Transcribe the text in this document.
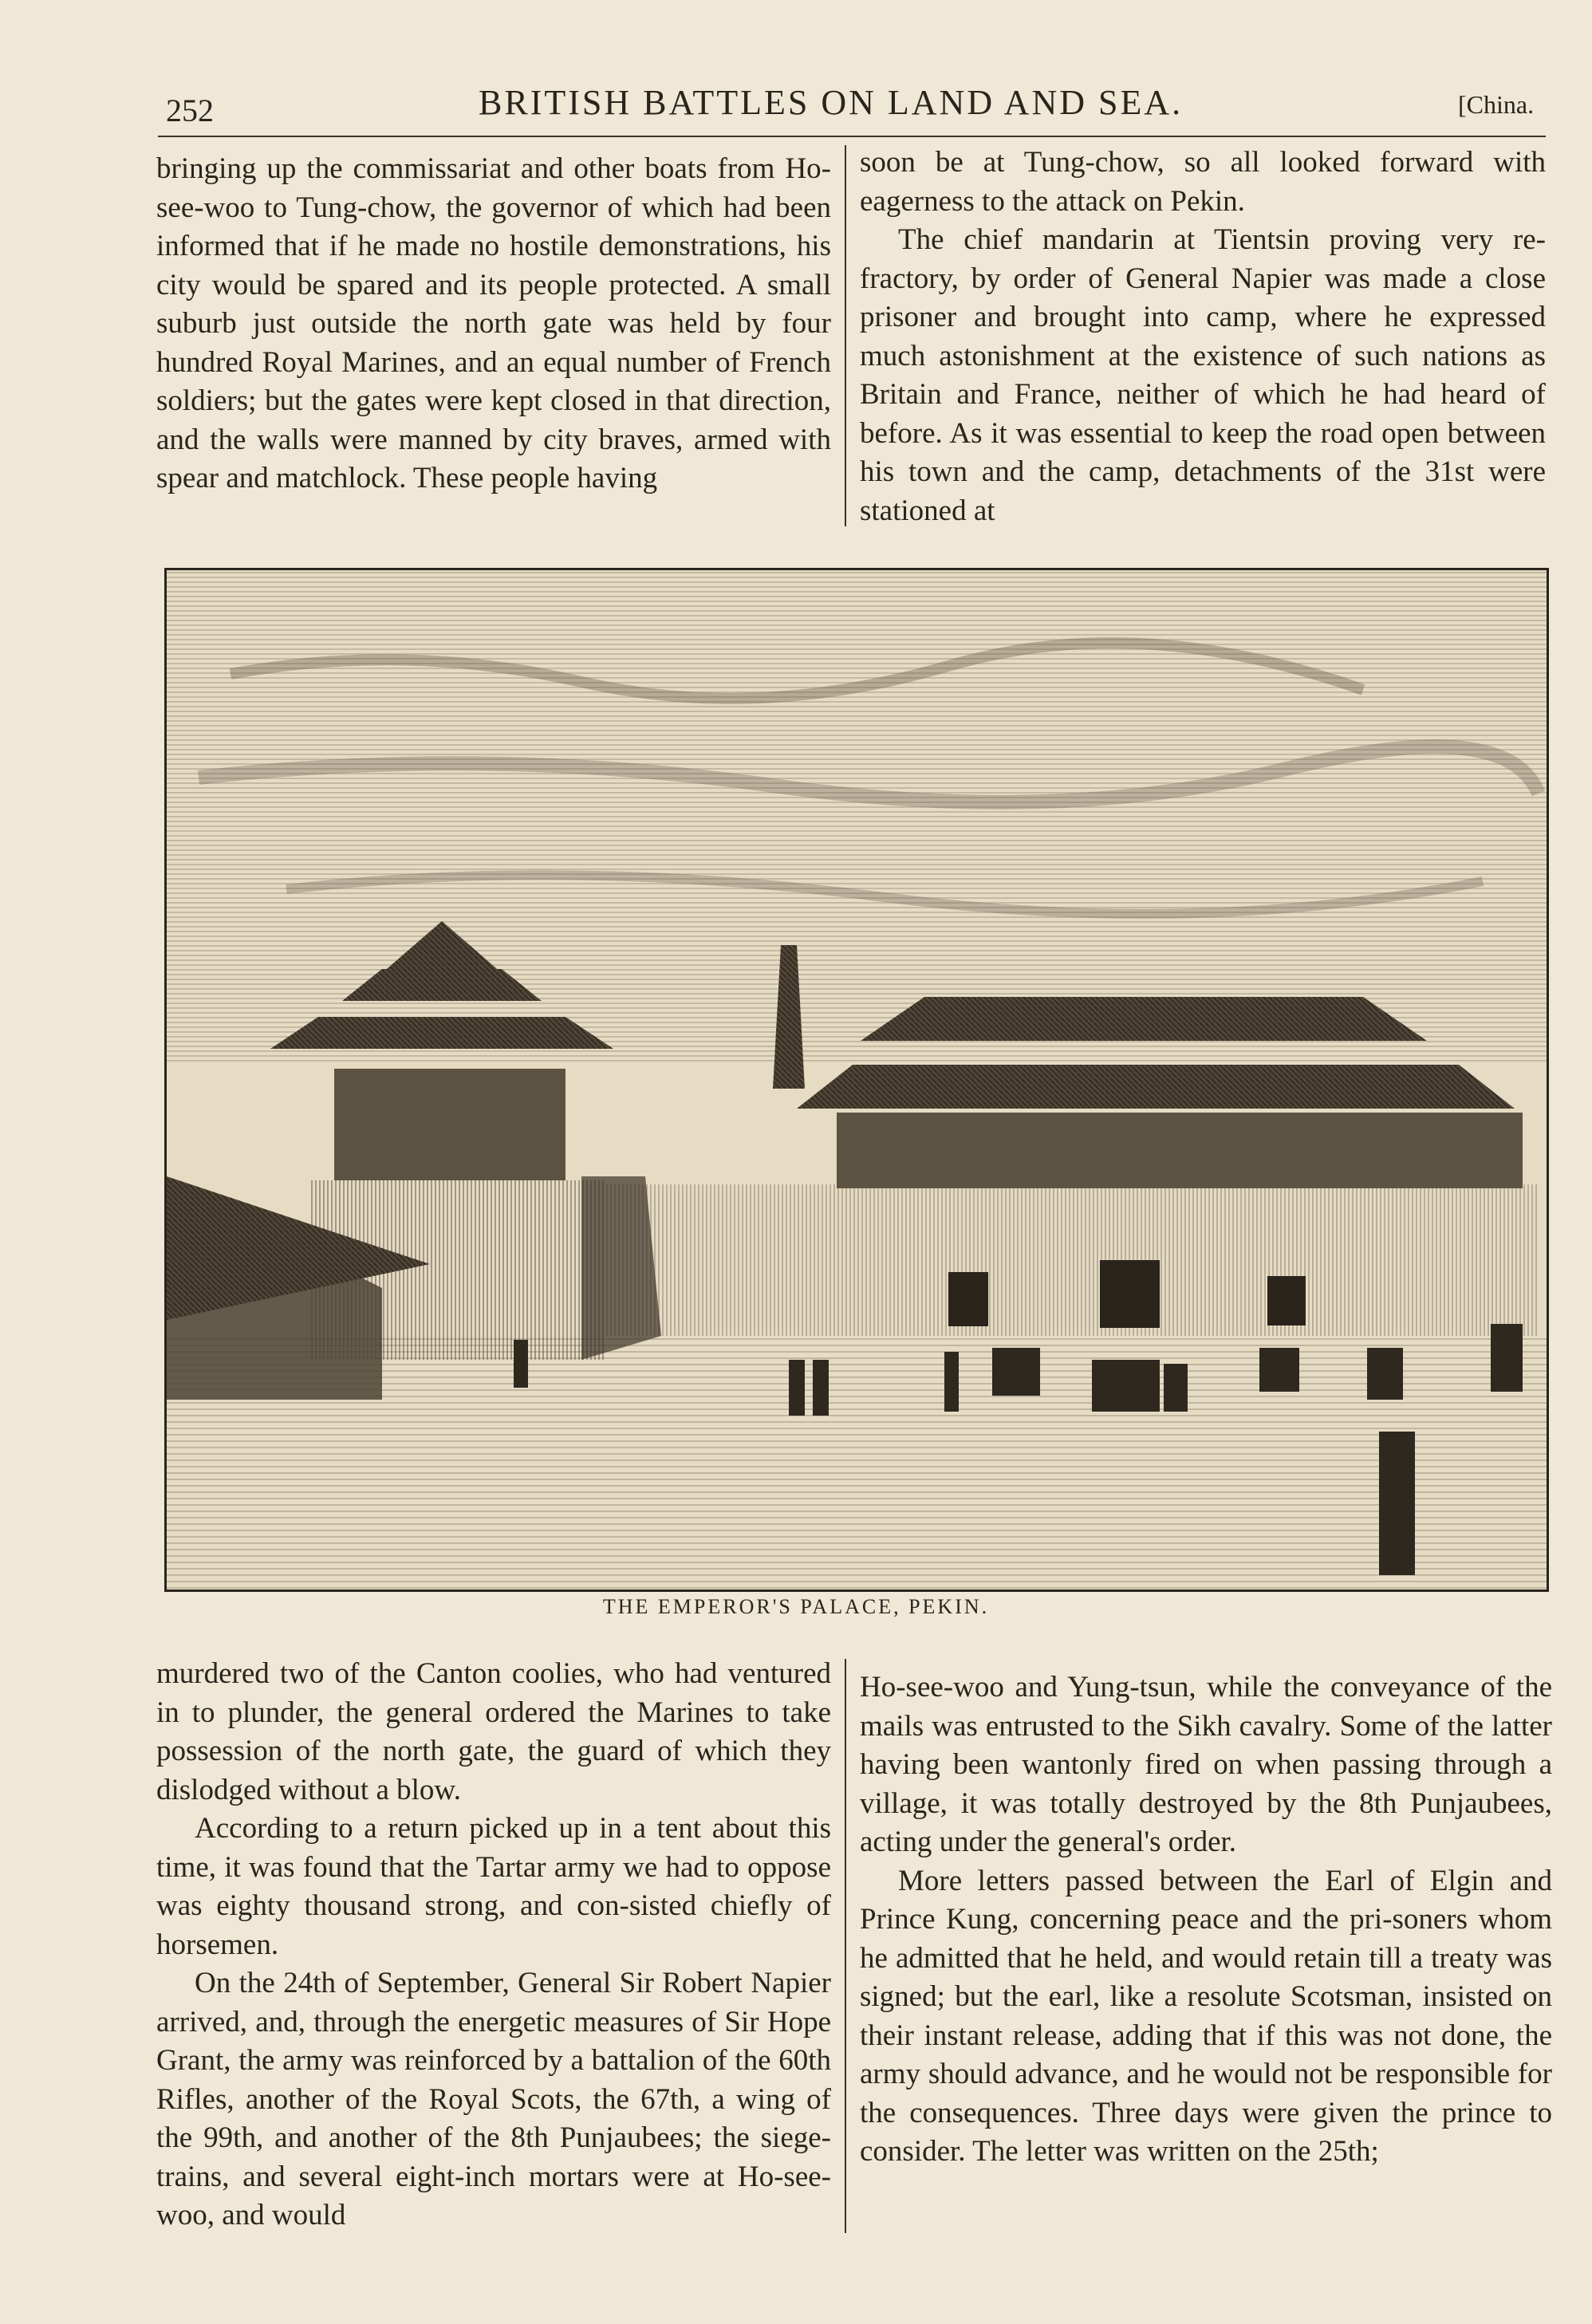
252	BRITISH BATTLES ON LAND AND SEA.	[China.

bringing up the commissariat and other boats from Ho-see-woo to Tung-chow, the governor of which had been informed that if he made no hostile demonstrations, his city would be spared and its people protected. A small suburb just outside the north gate was held by four hundred Royal Marines, and an equal number of French soldiers; but the gates were kept closed in that direction, and the walls were manned by city braves, armed with spear and matchlock. These people having

soon be at Tung-chow, so all looked forward with eagerness to the attack on Pekin.

The chief mandarin at Tientsin proving very re-fractory, by order of General Napier was made a close prisoner and brought into camp, where he expressed much astonishment at the existence of such nations as Britain and France, neither of which he had heard of before. As it was essential to keep the road open between his town and the camp, detachments of the 31st were stationed at

THE EMPEROR'S PALACE, PEKIN.

murdered two of the Canton coolies, who had ventured in to plunder, the general ordered the Marines to take possession of the north gate, the guard of which they dislodged without a blow.

According to a return picked up in a tent about this time, it was found that the Tartar army we had to oppose was eighty thousand strong, and con-sisted chiefly of horsemen.

On the 24th of September, General Sir Robert Napier arrived, and, through the energetic measures of Sir Hope Grant, the army was reinforced by a battalion of the 60th Rifles, another of the Royal Scots, the 67th, a wing of the 99th, and another of the 8th Punjaubees; the siege-trains, and several eight-inch mortars were at Ho-see-woo, and would

Ho-see-woo and Yung-tsun, while the conveyance of the mails was entrusted to the Sikh cavalry. Some of the latter having been wantonly fired on when passing through a village, it was totally destroyed by the 8th Punjaubees, acting under the general's order.

More letters passed between the Earl of Elgin and Prince Kung, concerning peace and the pri-soners whom he admitted that he held, and would retain till a treaty was signed; but the earl, like a resolute Scotsman, insisted on their instant release, adding that if this was not done, the army should advance, and he would not be responsible for the consequences. Three days were given the prince to consider. The letter was written on the 25th;
